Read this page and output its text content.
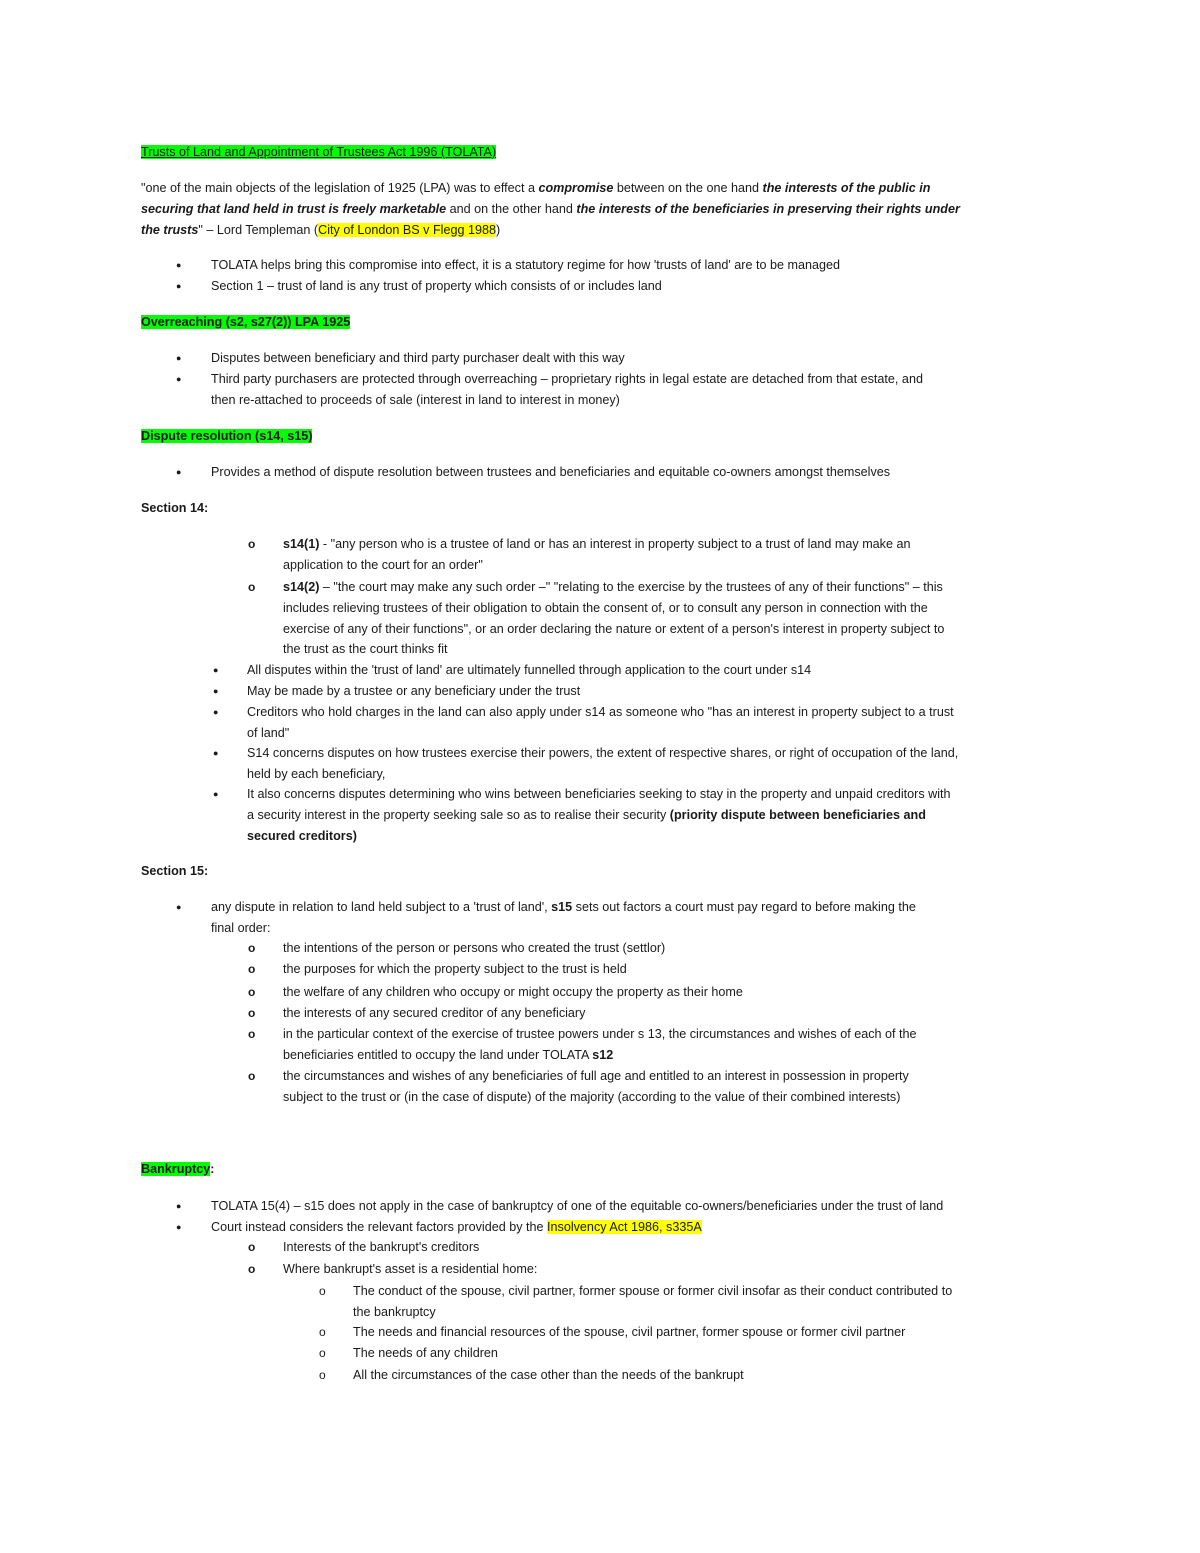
Trusts of Land and Appointment of Trustees Act 1996 (TOLATA)
"one of the main objects of the legislation of 1925 (LPA) was to effect a compromise between on the one hand the interests of the public in
securing that land held in trust is freely marketable and on the other hand the interests of the beneficiaries in preserving their rights under
the trusts" – Lord Templeman (City of London BS v Flegg 1988)
● TOLATA helps bring this compromise into effect, it is a statutory regime for how 'trusts of land' are to be managed
● Section 1 – trust of land is any trust of property which consists of or includes land
Overreaching (s2, s27(2)) LPA 1925
● Disputes between beneficiary and third party purchaser dealt with this way
● Third party purchasers are protected through overreaching – proprietary rights in legal estate are detached from that estate, and
then re-attached to proceeds of sale (interest in land to interest in money)
Dispute resolution (s14, s15)
● Provides a method of dispute resolution between trustees and beneficiaries and equitable co-owners amongst themselves
Section 14:
o s14(1) - "any person who is a trustee of land or has an interest in property subject to a trust of land may make an
application to the court for an order"
o s14(2) – "the court may make any such order –" "relating to the exercise by the trustees of any of their functions" – this
includes relieving trustees of their obligation to obtain the consent of, or to consult any person in connection with the
exercise of any of their functions", or an order declaring the nature or extent of a person's interest in property subject to
the trust as the court thinks fit
● All disputes within the 'trust of land' are ultimately funnelled through application to the court under s14
● May be made by a trustee or any beneficiary under the trust
● Creditors who hold charges in the land can also apply under s14 as someone who "has an interest in property subject to a trust
of land"
● S14 concerns disputes on how trustees exercise their powers, the extent of respective shares, or right of occupation of the land,
held by each beneficiary,
● It also concerns disputes determining who wins between beneficiaries seeking to stay in the property and unpaid creditors with
a security interest in the property seeking sale so as to realise their security (priority dispute between beneficiaries and
secured creditors)
Section 15:
● any dispute in relation to land held subject to a 'trust of land', s15 sets out factors a court must pay regard to before making the
final order:
o the intentions of the person or persons who created the trust (settlor)
o the purposes for which the property subject to the trust is held
o the welfare of any children who occupy or might occupy the property as their home
o the interests of any secured creditor of any beneficiary
o in the particular context of the exercise of trustee powers under s 13, the circumstances and wishes of each of the
beneficiaries entitled to occupy the land under TOLATA s12
o the circumstances and wishes of any beneficiaries of full age and entitled to an interest in possession in property
subject to the trust or (in the case of dispute) of the majority (according to the value of their combined interests)
Bankruptcy:
● TOLATA 15(4) – s15 does not apply in the case of bankruptcy of one of the equitable co-owners/beneficiaries under the trust of land
● Court instead considers the relevant factors provided by the Insolvency Act 1986, s335A
o Interests of the bankrupt's creditors
o Where bankrupt's asset is a residential home:
o The conduct of the spouse, civil partner, former spouse or former civil insofar as their conduct contributed to
the bankruptcy
o The needs and financial resources of the spouse, civil partner, former spouse or former civil partner
o The needs of any children
o All the circumstances of the case other than the needs of the bankrupt
